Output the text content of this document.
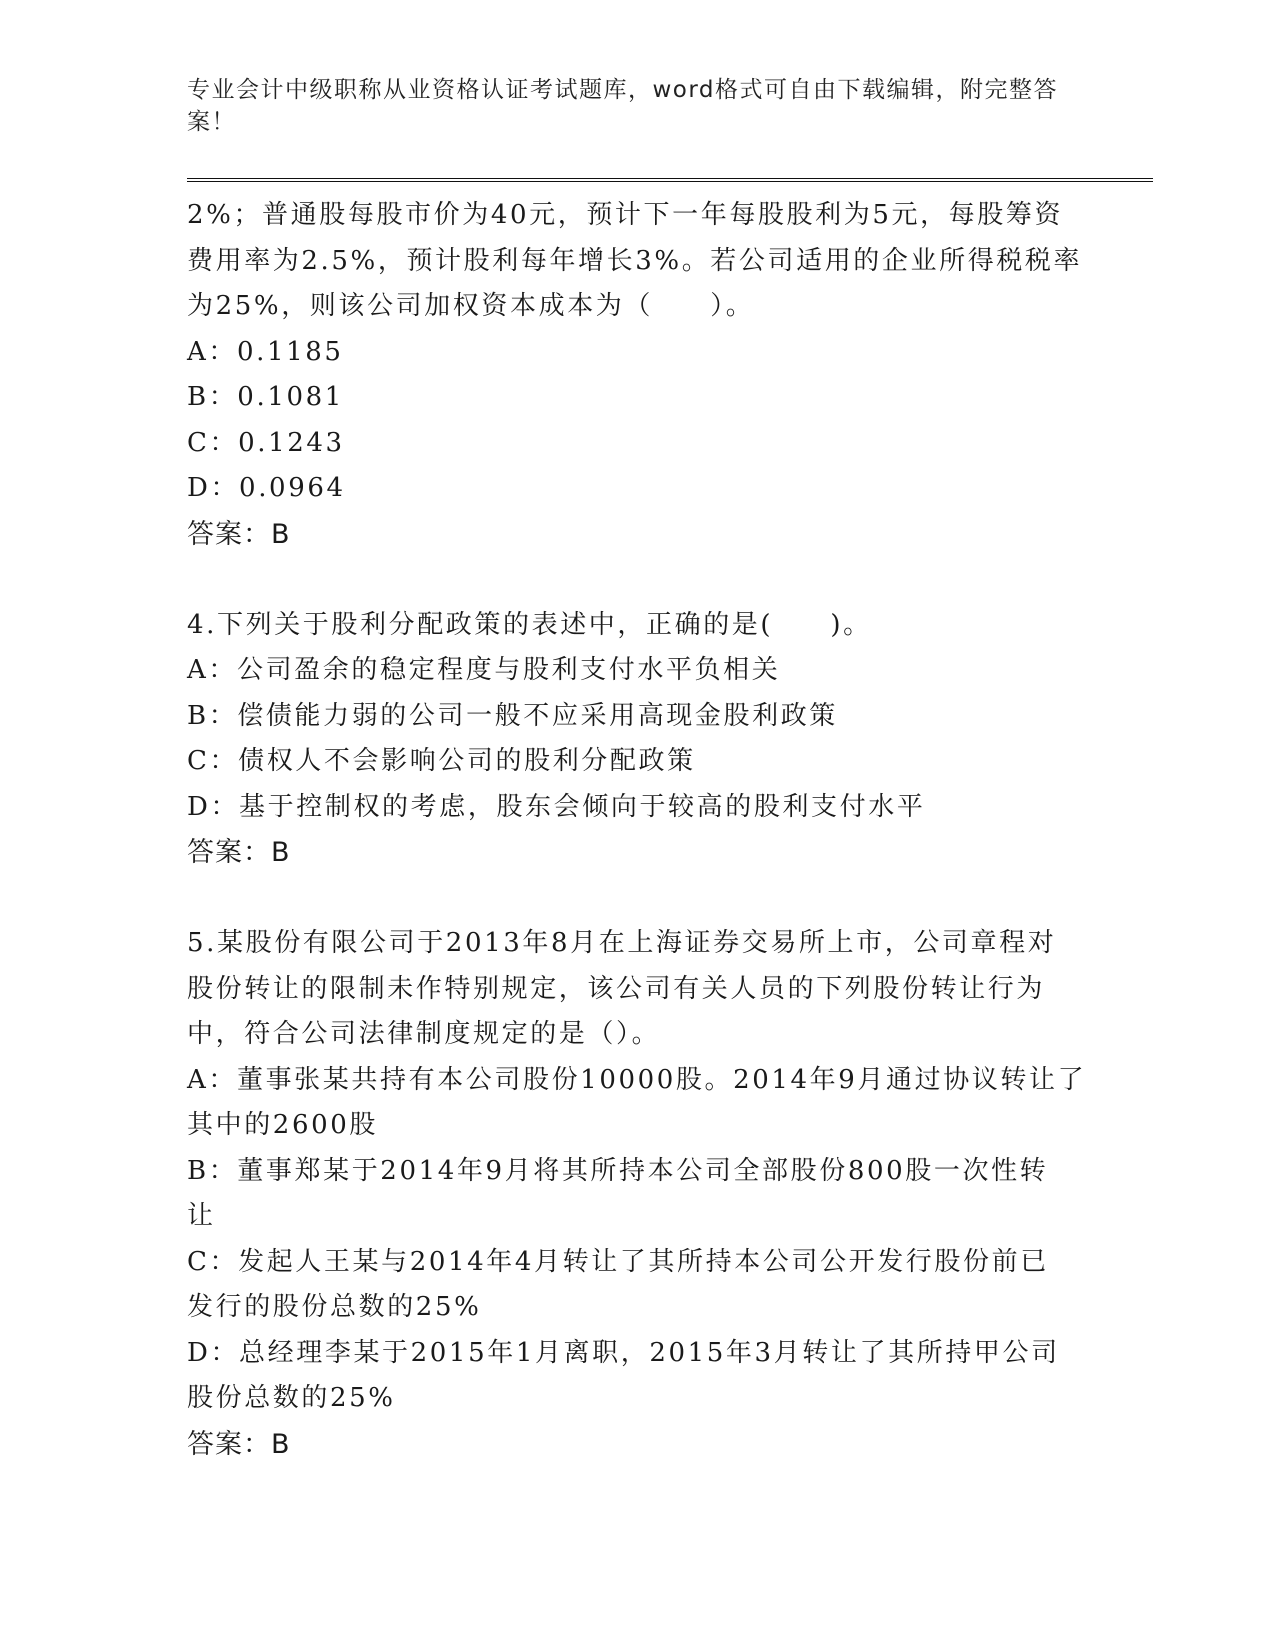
专业会计中级职称从业资格认证考试题库，word格式可自由下载编辑，附完整答
案！
2%；普通股每股市价为40元，预计下一年每股股利为5元，每股筹资
费用率为2.5%，预计股利每年增长3%。若公司适用的企业所得税税率
为25%，则该公司加权资本成本为（　　）。
A：0.1185
B：0.1081
C：0.1243
D：0.0964
答案：B
4.下列关于股利分配政策的表述中，正确的是(　　)。
A：公司盈余的稳定程度与股利支付水平负相关
B：偿债能力弱的公司一般不应采用高现金股利政策
C：债权人不会影响公司的股利分配政策
D：基于控制权的考虑，股东会倾向于较高的股利支付水平
答案：B
5.某股份有限公司于2013年8月在上海证券交易所上市，公司章程对
股份转让的限制未作特别规定，该公司有关人员的下列股份转让行为
中，符合公司法律制度规定的是（）。
A：董事张某共持有本公司股份10000股。2014年9月通过协议转让了
其中的2600股
B：董事郑某于2014年9月将其所持本公司全部股份800股一次性转
让
C：发起人王某与2014年4月转让了其所持本公司公开发行股份前已
发行的股份总数的25%
D：总经理李某于2015年1月离职，2015年3月转让了其所持甲公司
股份总数的25%
答案：B
